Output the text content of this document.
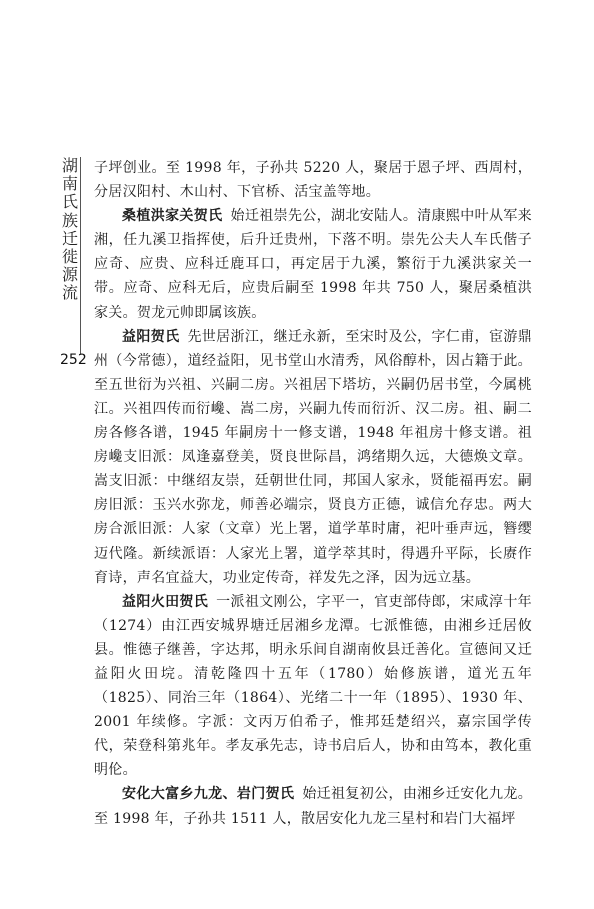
湖南氏族迁徙源流
252

子坪创业。至 1998 年，子孙共 5220 人，聚居于恩子坪、西周村，分居汉阳村、木山村、下官桥、活宝盖等地。

桑植洪家关贺氏 始迁祖崇先公，湖北安陆人。清康熙中叶从军来湘，任九溪卫指挥使，后升迁贵州，下落不明。崇先公夫人车氏偕子应奇、应贵、应科迁鹿耳口，再定居于九溪，繁衍于九溪洪家关一带。应奇、应科无后，应贵后嗣至 1998 年共 750 人，聚居桑植洪家关。贺龙元帅即属该族。

益阳贺氏 先世居浙江，继迁永新，至宋时及公，字仁甫，宦游鼎州（今常德），道经益阳，见书堂山水清秀，风俗醇朴，因占籍于此。至五世衍为兴祖、兴嗣二房。兴祖居下塔坊，兴嗣仍居书堂，今属桃江。兴祖四传而衍巉、嵩二房，兴嗣九传而衍沂、汉二房。祖、嗣二房各修各谱，1945 年嗣房十一修支谱，1948 年祖房十修支谱。祖房巉支旧派：凤逢嘉登美，贤良世际昌，鸿绪期久远，大德焕文章。嵩支旧派：中继绍友崇，廷朝世仕同，邦国人家永，贤能福再宏。嗣房旧派：玉兴水弥龙，师善必端宗，贤良方正德，诚信允存忠。两大房合派旧派：人家（文章）光上署，道学革时庸，祀叶垂声远，簪缨迈代隆。新续派语：人家光上署，道学萃其时，得遇升平际，长赓作育诗，声名宜益大，功业定传奇，祥发先之泽，因为远立基。

益阳火田贺氏 一派祖文刚公，字平一，官吏部侍郎，宋咸淳十年（1274）由江西安城界塘迁居湘乡龙潭。七派惟德，由湘乡迁居攸县。惟德子继善，字达邦，明永乐间自湖南攸县迁善化。宣德间又迁益阳火田垸。清乾隆四十五年（1780）始修族谱，道光五年（1825）、同治三年（1864）、光绪二十一年（1895）、1930 年、2001 年续修。字派：文丙万伯希子，惟邦廷楚绍兴，嘉宗国学传代，荣登科第兆年。孝友承先志，诗书启后人，协和由笃本，教化重明伦。

安化大富乡九龙、岩门贺氏 始迁祖复初公，由湘乡迁安化九龙。至 1998 年，子孙共 1511 人，散居安化九龙三星村和岩门大福坪
